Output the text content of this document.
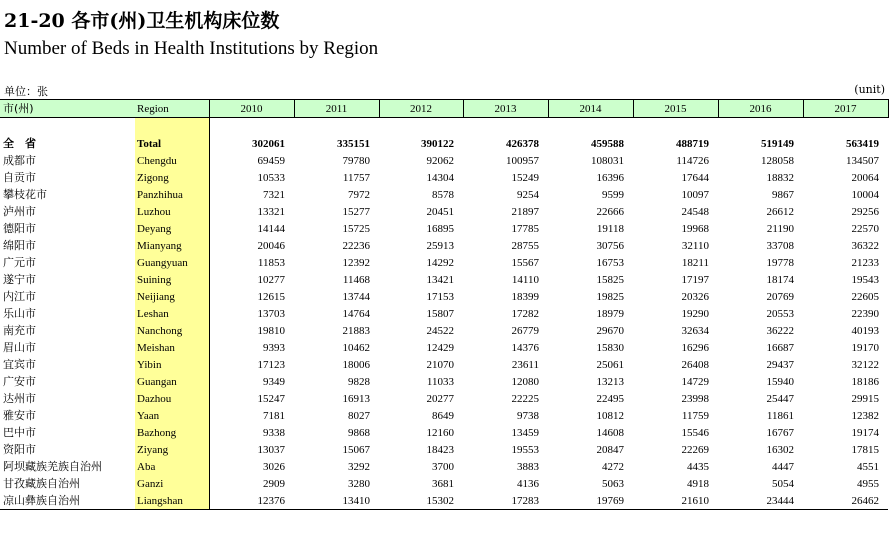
21-20 各市(州)卫生机构床位数
Number of Beds in Health Institutions by Region
单位：张	(unit)
市(州)	Region	2010	2011	2012	2013	2014	2015	2016	2017

全　省	Total	302061	335151	390122	426378	459588	488719	519149	563419
成都市	Chengdu	69459	79780	92062	100957	108031	114726	128058	134507
自贡市	Zigong	10533	11757	14304	15249	16396	17644	18832	20064
攀枝花市	Panzhihua	7321	7972	8578	9254	9599	10097	9867	10004
泸州市	Luzhou	13321	15277	20451	21897	22666	24548	26612	29256
德阳市	Deyang	14144	15725	16895	17785	19118	19968	21190	22570
绵阳市	Mianyang	20046	22236	25913	28755	30756	32110	33708	36322
广元市	Guangyuan	11853	12392	14292	15567	16753	18211	19778	21233
遂宁市	Suining	10277	11468	13421	14110	15825	17197	18174	19543
内江市	Neijiang	12615	13744	17153	18399	19825	20326	20769	22605
乐山市	Leshan	13703	14764	15807	17282	18979	19290	20553	22390
南充市	Nanchong	19810	21883	24522	26779	29670	32634	36222	40193
眉山市	Meishan	9393	10462	12429	14376	15830	16296	16687	19170
宜宾市	Yibin	17123	18006	21070	23611	25061	26408	29437	32122
广安市	Guangan	9349	9828	11033	12080	13213	14729	15940	18186
达州市	Dazhou	15247	16913	20277	22225	22495	23998	25447	29915
雅安市	Yaan	7181	8027	8649	9738	10812	11759	11861	12382
巴中市	Bazhong	9338	9868	12160	13459	14608	15546	16767	19174
资阳市	Ziyang	13037	15067	18423	19553	20847	22269	16302	17815
阿坝藏族羌族自治州	Aba	3026	3292	3700	3883	4272	4435	4447	4551
甘孜藏族自治州	Ganzi	2909	3280	3681	4136	5063	4918	5054	4955
凉山彝族自治州	Liangshan	12376	13410	15302	17283	19769	21610	23444	26462
